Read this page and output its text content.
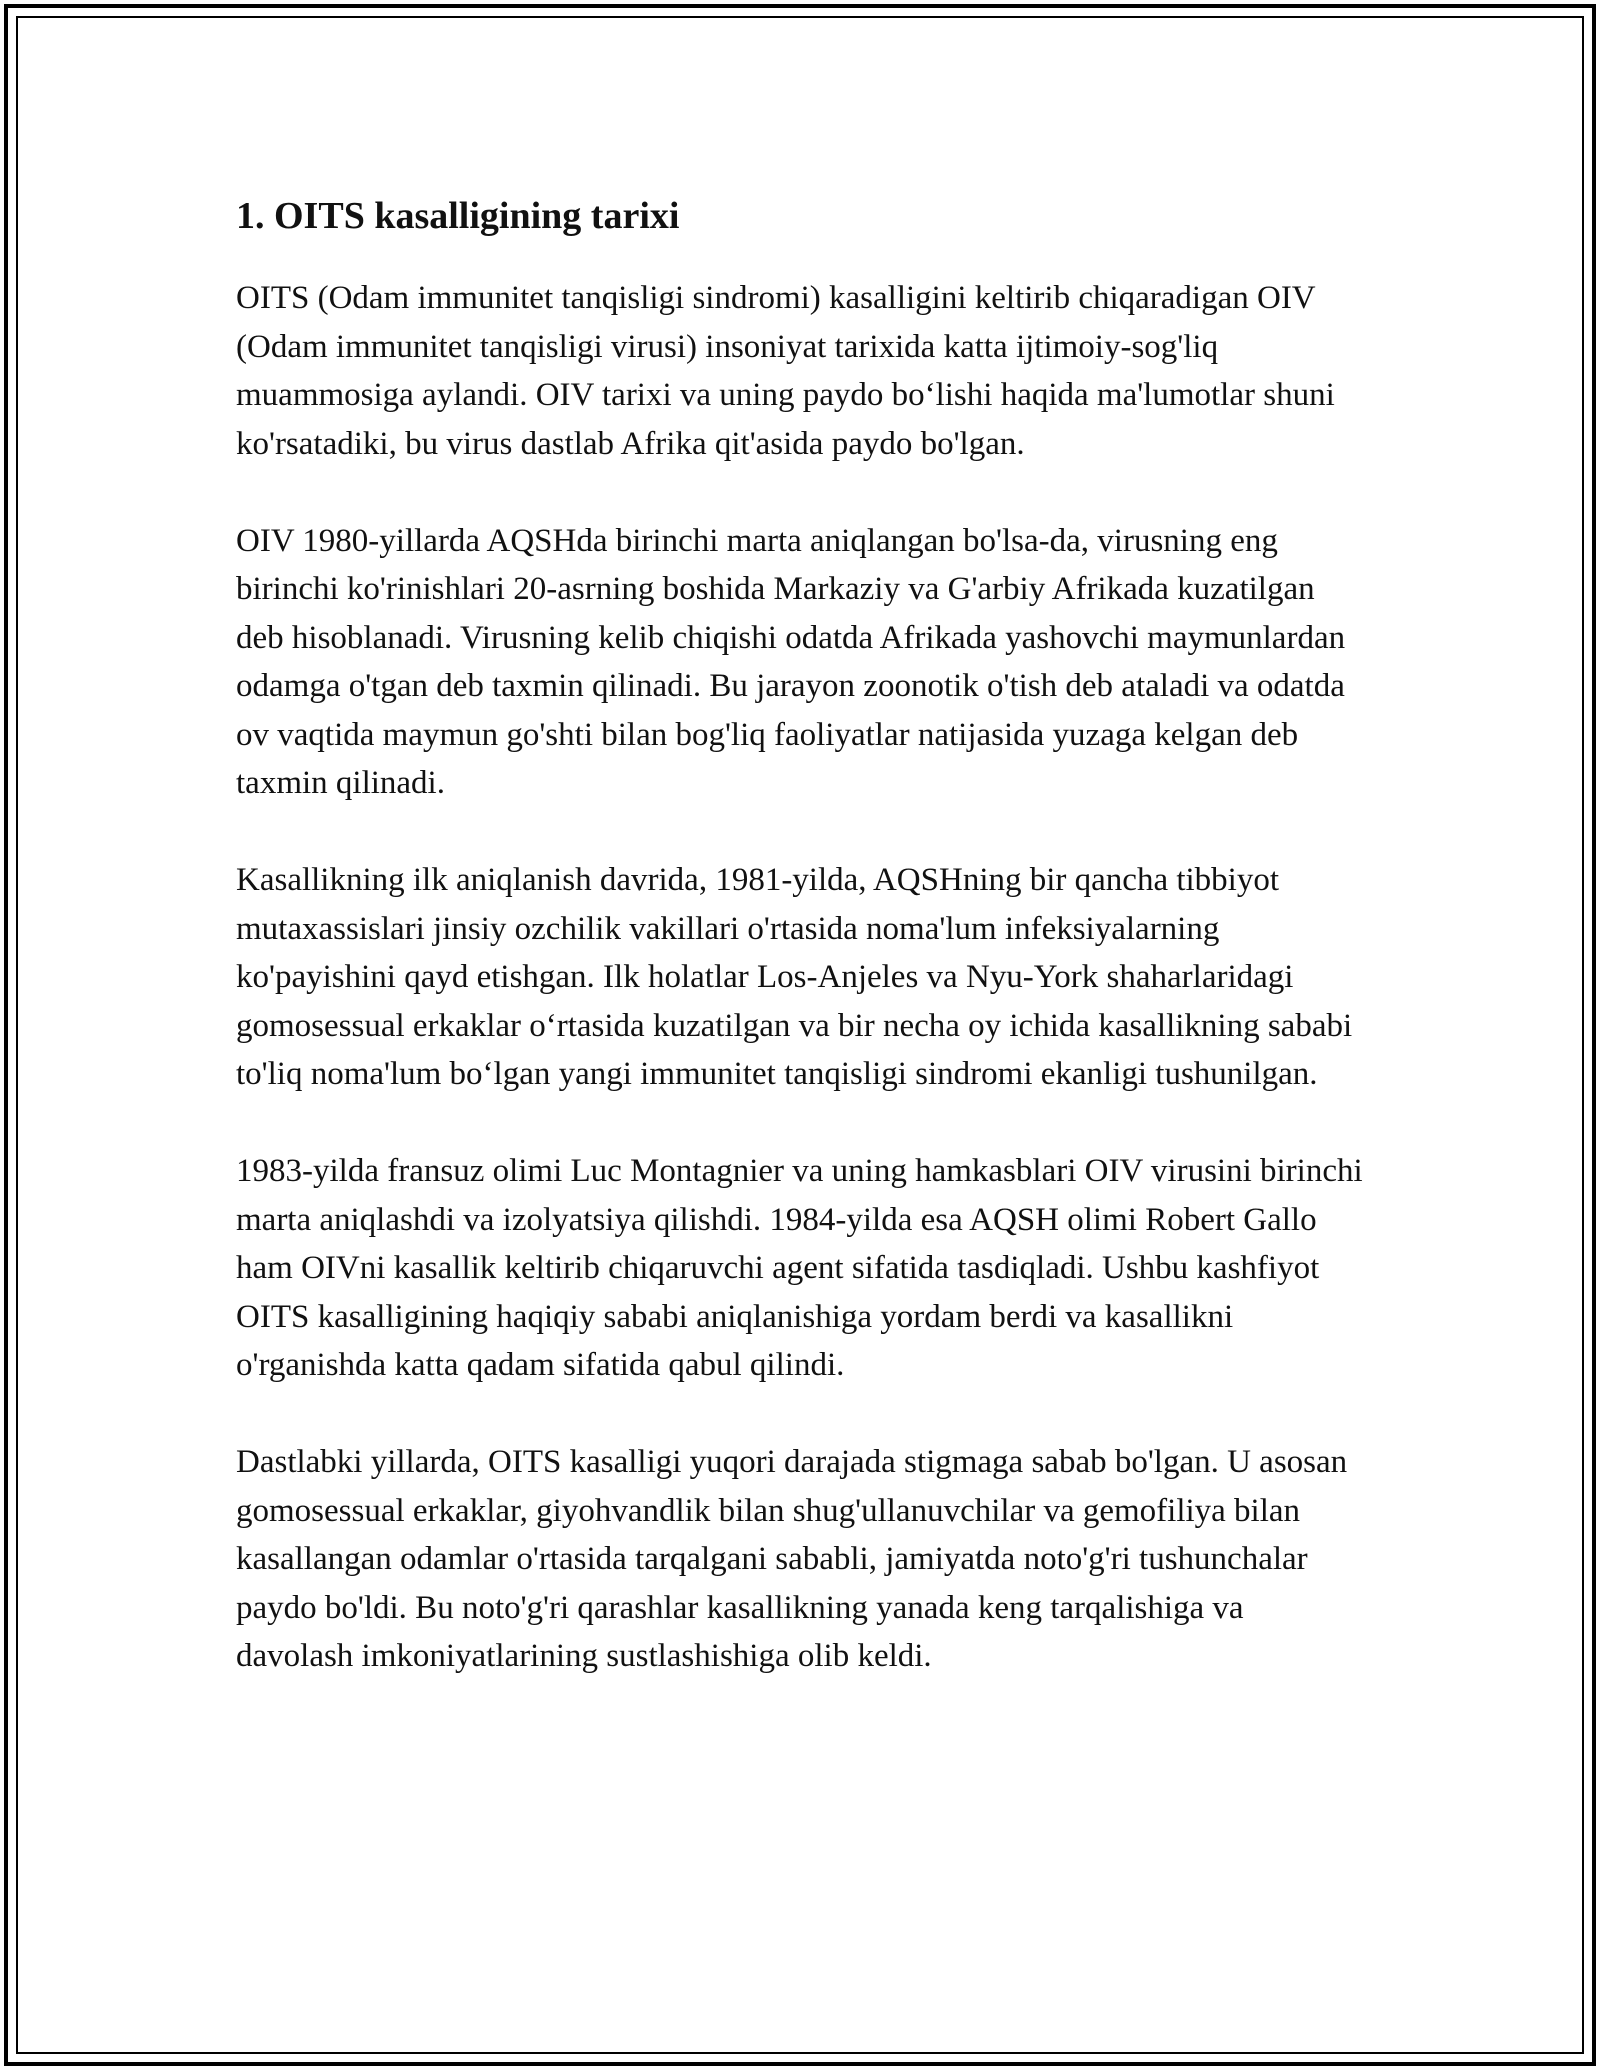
1. OITS kasalligining tarixi

OITS (Odam immunitet tanqisligi sindromi) kasalligini keltirib chiqaradigan OIV (Odam immunitet tanqisligi virusi) insoniyat tarixida katta ijtimoiy-sog'liq muammosiga aylandi. OIV tarixi va uning paydo bo‘lishi haqida ma'lumotlar shuni ko'rsatadiki, bu virus dastlab Afrika qit'asida paydo bo'lgan.

OIV 1980-yillarda AQSHda birinchi marta aniqlangan bo'lsa-da, virusning eng birinchi ko'rinishlari 20-asrning boshida Markaziy va G'arbiy Afrikada kuzatilgan deb hisoblanadi. Virusning kelib chiqishi odatda Afrikada yashovchi maymunlardan odamga o'tgan deb taxmin qilinadi. Bu jarayon zoonotik o'tish deb ataladi va odatda ov vaqtida maymun go'shti bilan bog'liq faoliyatlar natijasida yuzaga kelgan deb taxmin qilinadi.

Kasallikning ilk aniqlanish davrida, 1981-yilda, AQSHning bir qancha tibbiyot mutaxassislari jinsiy ozchilik vakillari o'rtasida noma'lum infeksiyalarning ko'payishini qayd etishgan. Ilk holatlar Los-Anjeles va Nyu-York shaharlaridagi gomosessual erkaklar o‘rtasida kuzatilgan va bir necha oy ichida kasallikning sababi to'liq noma'lum bo‘lgan yangi immunitet tanqisligi sindromi ekanligi tushunilgan.

1983-yilda fransuz olimi Luc Montagnier va uning hamkasblari OIV virusini birinchi marta aniqlashdi va izolyatsiya qilishdi. 1984-yilda esa AQSH olimi Robert Gallo ham OIVni kasallik keltirib chiqaruvchi agent sifatida tasdiqladi. Ushbu kashfiyot OITS kasalligining haqiqiy sababi aniqlanishiga yordam berdi va kasallikni o'rganishda katta qadam sifatida qabul qilindi.

Dastlabki yillarda, OITS kasalligi yuqori darajada stigmaga sabab bo'lgan. U asosan gomosessual erkaklar, giyohvandlik bilan shug'ullanuvchilar va gemofiliya bilan kasallangan odamlar o'rtasida tarqalgani sababli, jamiyatda noto'g'ri tushunchalar paydo bo'ldi. Bu noto'g'ri qarashlar kasallikning yanada keng tarqalishiga va davolash imkoniyatlarining sustlashishiga olib keldi.
